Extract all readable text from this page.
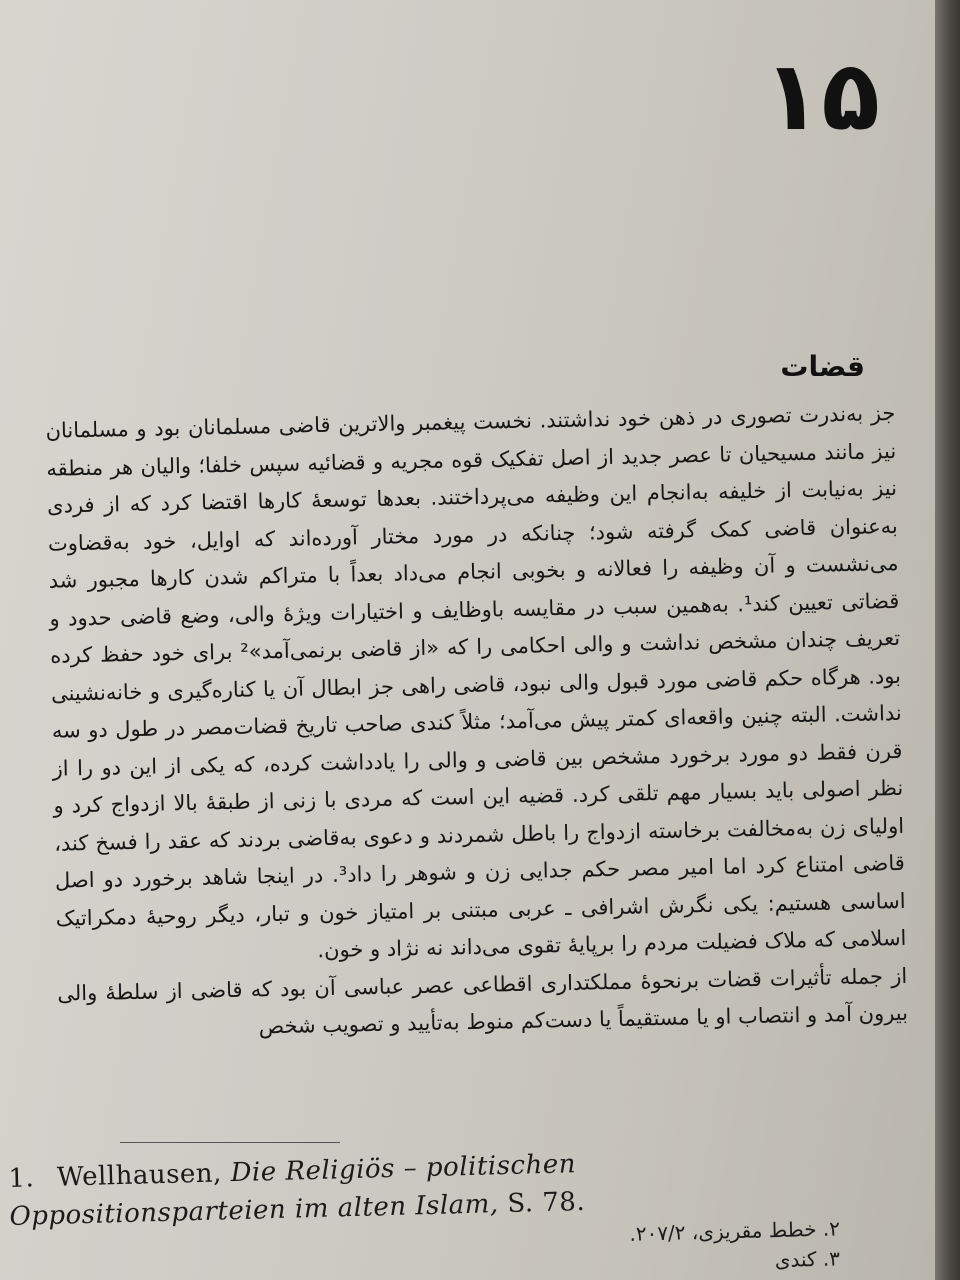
۱۵
قضات

جز به‌ندرت تصوری در ذهن خود نداشتند. نخست پیغمبر والاترین قاضی مسلمانان بود و مسلمانان نیز مانند مسیحیان تا عصر جدید از اصل تفکیک قوه مجریه و قضائیه سپس خلفا؛ والیان هر منطقه نیز به‌نیابت از خلیفه به‌انجام این وظیفه می‌پرداختند. بعدها توسعهٔ کارها اقتضا کرد که از فردی به‌عنوان قاضی کمک گرفته شود؛ چنانکه در مورد مختار آورده‌اند که اوایل، خود به‌قضاوت می‌نشست و آن وظیفه را فعالانه و بخوبی انجام می‌داد بعداً با متراکم شدن کارها مجبور شد قضاتی تعیین کند¹. به‌همین سبب در مقایسه باوظایف و اختیارات ویژهٔ والی، وضع قاضی حدود و تعریف چندان مشخص نداشت و والی احکامی را که «از قاضی برنمی‌آمد»² برای خود حفظ کرده بود. هرگاه حکم قاضی مورد قبول والی نبود، قاضی راهی جز ابطال آن یا کناره‌گیری و خانه‌نشینی نداشت. البته چنین واقعه‌ای کمتر پیش می‌آمد؛ مثلاً کندی صاحب تاریخ قضات‌مصر در طول دو سه قرن فقط دو مورد برخورد مشخص بین قاضی و والی را یادداشت کرده، که یکی از این دو را از نظر اصولی باید بسیار مهم تلقی کرد. قضیه این است که مردی با زنی از طبقهٔ بالا ازدواج کرد و اولیای زن به‌مخالفت برخاسته ازدواج را باطل شمردند و دعوی به‌قاضی بردند که عقد را فسخ کند، قاضی امتناع کرد اما امیر مصر حکم جدایی زن و شوهر را داد³. در اینجا شاهد برخورد دو اصل اساسی هستیم: یکی نگرش اشرافی ـ عربی مبتنی بر امتیاز خون و تبار، دیگر روحیهٔ دمکراتیک اسلامی که ملاک فضیلت مردم را برپایهٔ تقوی می‌داند نه نژاد و خون.

از جمله تأثیرات قضات برنحوهٔ مملکتداری اقطاعی عصر عباسی آن بود که قاضی از سلطهٔ والی بیرون آمد و انتصاب او یا مستقیماً یا دست‌کم منوط به‌تأیید و تصویب شخص

1. Wellhausen, Die Religiös – politischen Oppositionsparteien im alten Islam, S. 78.
۲. خطط مقریزی، ۲۰۷/۲.
۳. کندی
